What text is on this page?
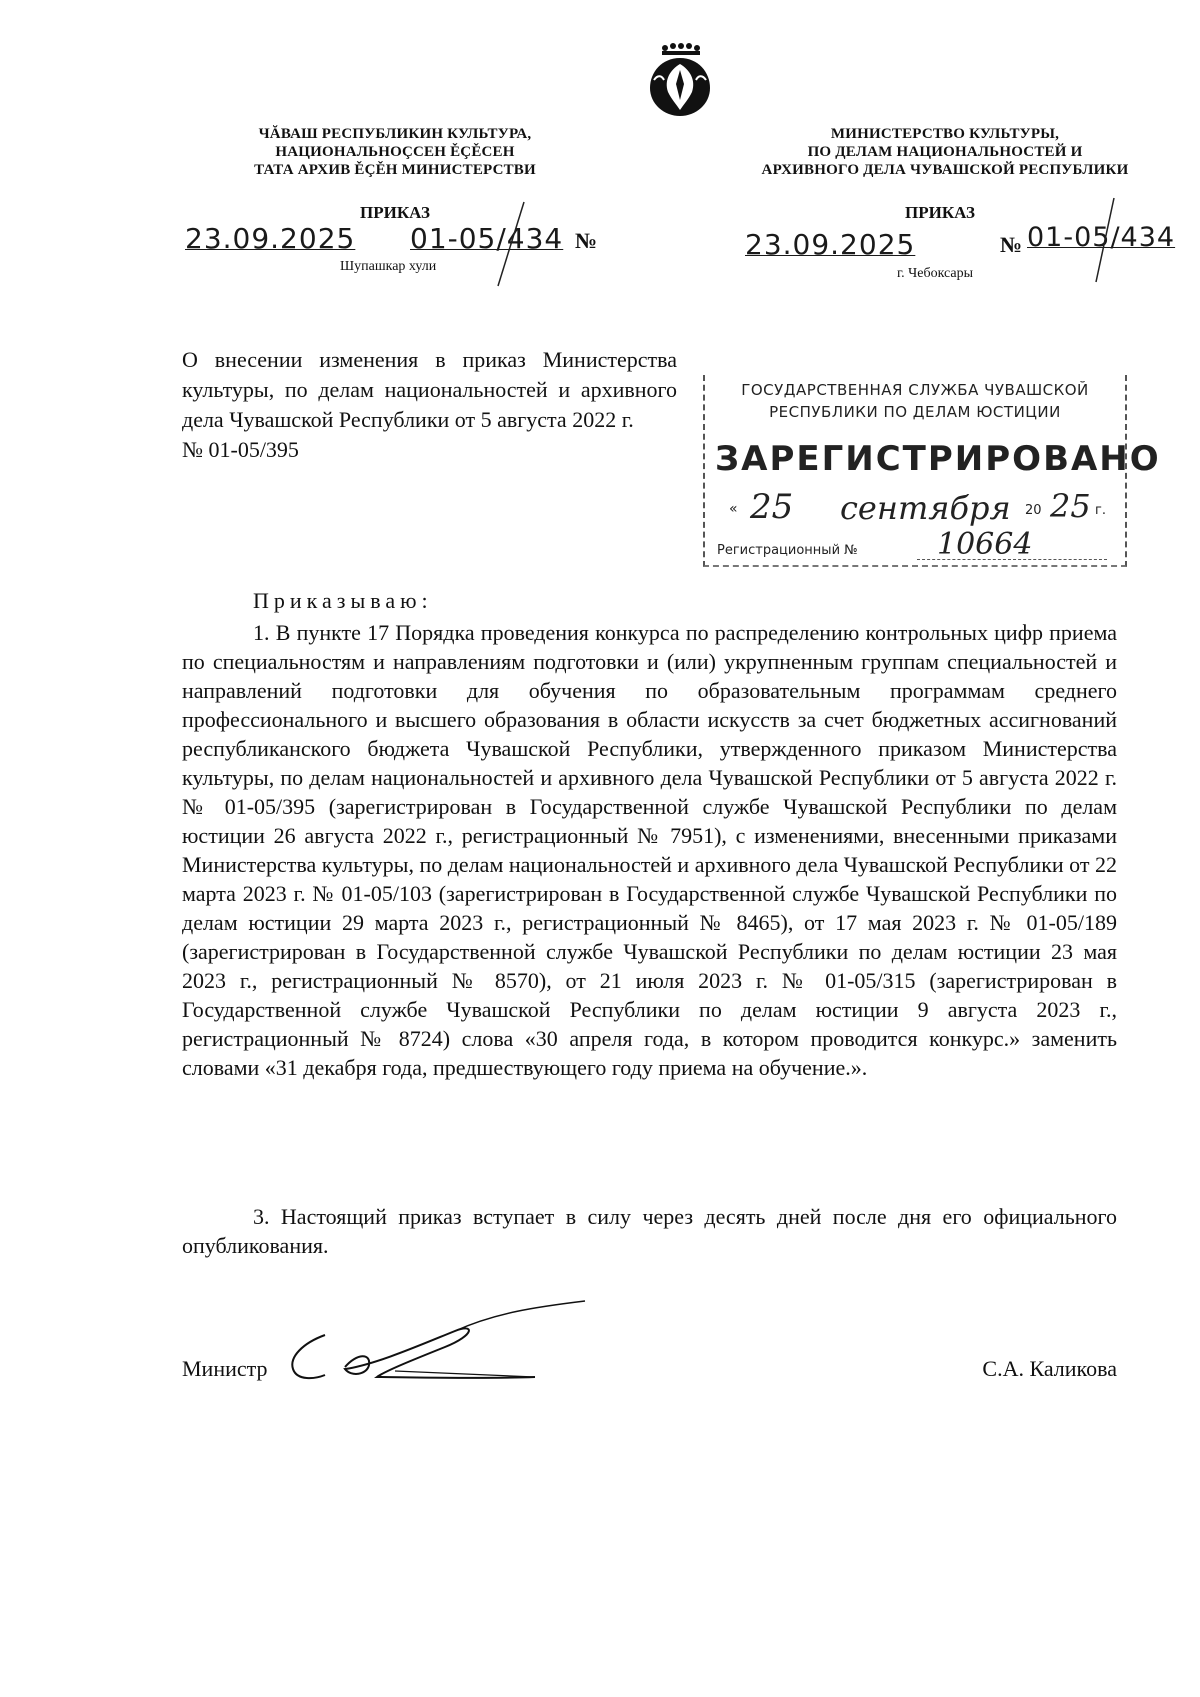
ЧĂВАШ РЕСПУБЛИКИН КУЛЬТУРА,
НАЦИОНАЛЬНОÇСЕН ĚÇĚСЕН
ТАТА АРХИВ ĚÇĚН МИНИСТЕРСТВИ
МИНИСТЕРСТВО КУЛЬТУРЫ,
ПО ДЕЛАМ НАЦИОНАЛЬНОСТЕЙ И
АРХИВНОГО ДЕЛА ЧУВАШСКОЙ РЕСПУБЛИКИ
ПРИКАЗ
23.09.2025 01-05/434 №
Шупашкар хули
ПРИКАЗ
23.09.2025	№ 01-05/434
г. Чебоксары
О внесении изменения в приказ Министерства культуры, по делам национальностей и архивного дела Чувашской Республики от 5 августа 2022 г.
№ 01-05/395
ГОСУДАРСТВЕННАЯ СЛУЖБА ЧУВАШСКОЙ
РЕСПУБЛИКИ ПО ДЕЛАМ ЮСТИЦИИ
ЗАРЕГИСТРИРОВАНО
« 25 сентября 20 25 г.
Регистрационный №	10664
Приказываю:
1. В пункте 17 Порядка проведения конкурса по распределению контрольных цифр приема по специальностям и направлениям подготовки и (или) укрупненным группам специальностей и направлений подготовки для обучения по образовательным программам среднего профессионального и высшего образования в области искусств за счет бюджетных ассигнований республиканского бюджета Чувашской Республики, утвержденного приказом Министерства культуры, по делам национальностей и архивного дела Чувашской Республики от 5 августа 2022 г. № 01-05/395 (зарегистрирован в Государственной службе Чувашской Республики по делам юстиции 26 августа 2022 г., регистрационный № 7951), с изменениями, внесенными приказами Министерства культуры, по делам национальностей и архивного дела Чувашской Республики от 22 марта 2023 г. № 01-05/103 (зарегистрирован в Государственной службе Чувашской Республики по делам юстиции 29 марта 2023 г., регистрационный № 8465), от 17 мая 2023 г. № 01-05/189 (зарегистрирован в Государственной службе Чувашской Республики по делам юстиции 23 мая 2023 г., регистрационный № 8570), от 21 июля 2023 г. № 01-05/315 (зарегистрирован в Государственной службе Чувашской Республики по делам юстиции 9 августа 2023 г., регистрационный № 8724) слова «30 апреля года, в котором проводится конкурс.» заменить словами «31 декабря года, предшествующего году приема на обучение.».
3. Настоящий приказ вступает в силу через десять дней после дня его официального опубликования.
Министр	С.А. Каликова
